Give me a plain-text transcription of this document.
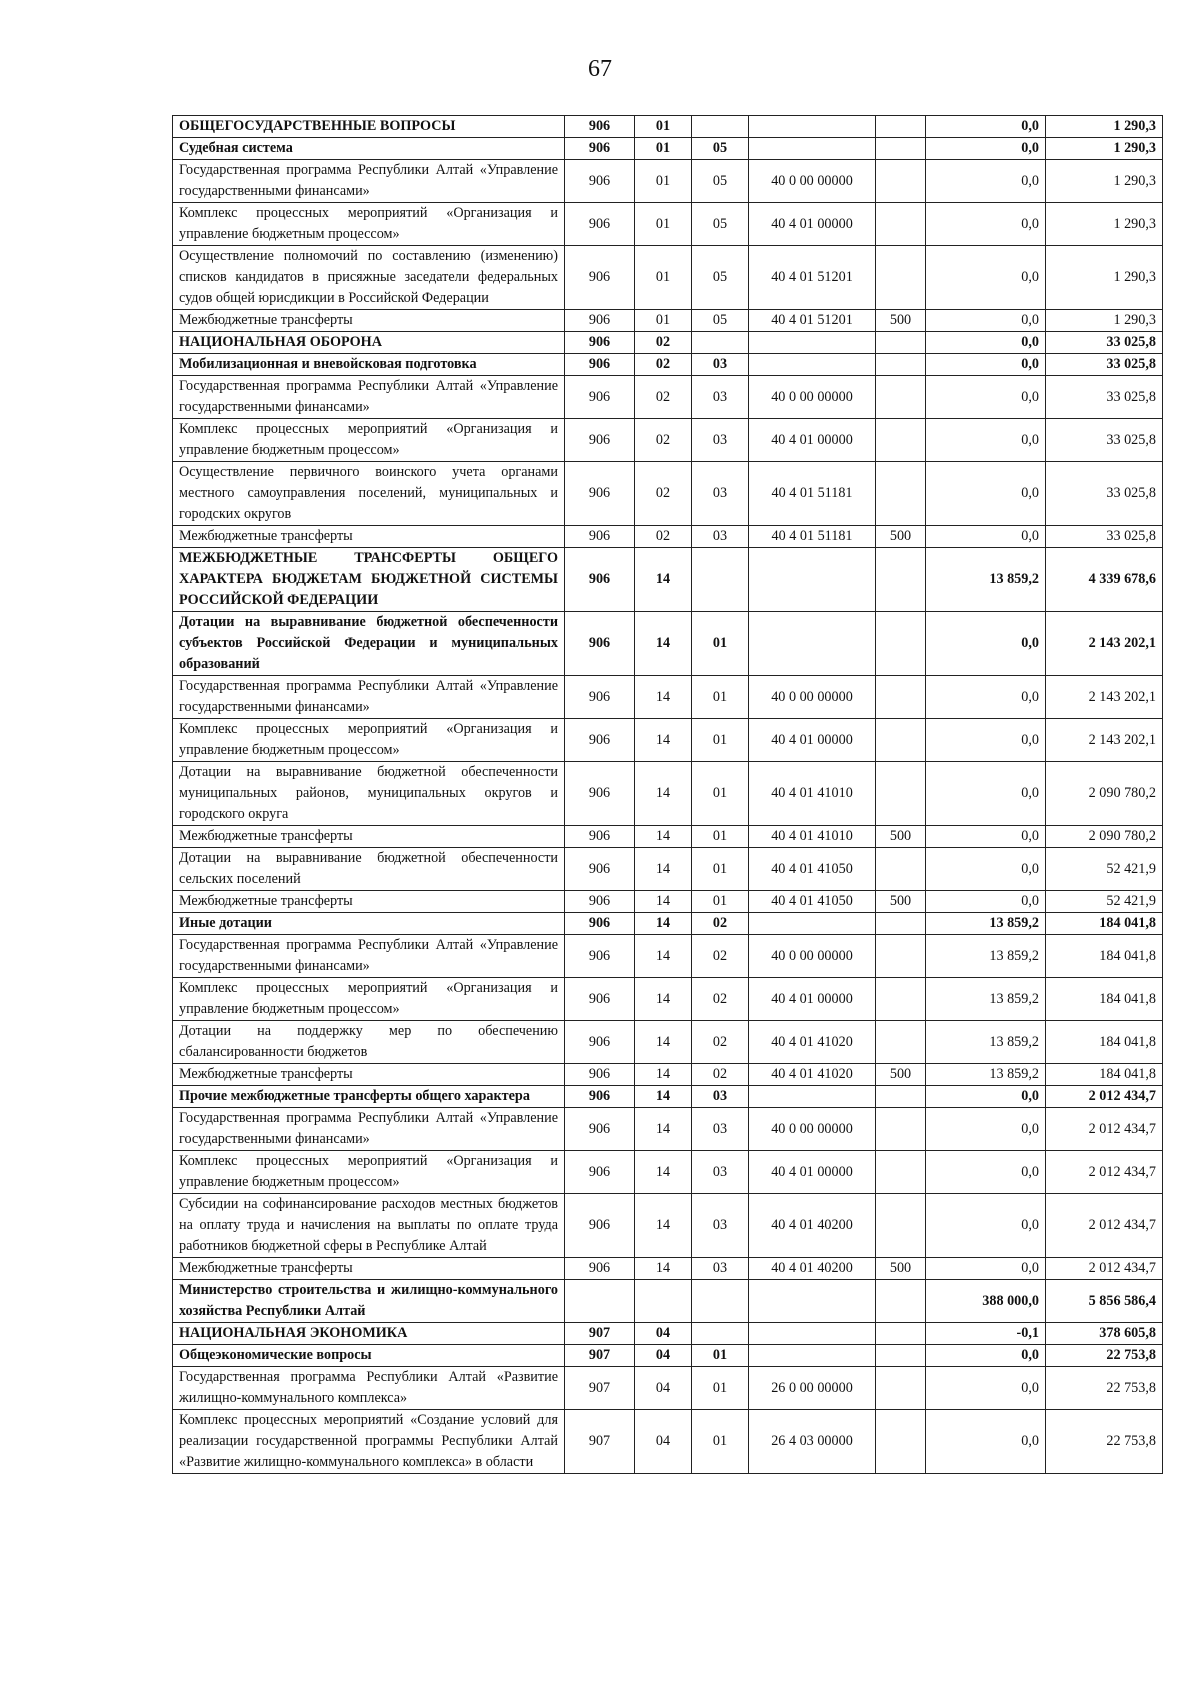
67
ОБЩЕГОСУДАРСТВЕННЫЕ ВОПРОСЫ	906	01				0,0	1 290,3
Судебная система	906	01	05			0,0	1 290,3
Государственная программа Республики Алтай «Управление государственными финансами»	906	01	05	40 0 00 00000		0,0	1 290,3
Комплекс процессных мероприятий «Организация и управление бюджетным процессом»	906	01	05	40 4 01 00000		0,0	1 290,3
Осуществление полномочий по составлению (изменению) списков кандидатов в присяжные заседатели федеральных судов общей юрисдикции в Российской Федерации	906	01	05	40 4 01 51201		0,0	1 290,3
Межбюджетные трансферты	906	01	05	40 4 01 51201	500	0,0	1 290,3
НАЦИОНАЛЬНАЯ ОБОРОНА	906	02				0,0	33 025,8
Мобилизационная и вневойсковая подготовка	906	02	03			0,0	33 025,8
Государственная программа Республики Алтай «Управление государственными финансами»	906	02	03	40 0 00 00000		0,0	33 025,8
Комплекс процессных мероприятий «Организация и управление бюджетным процессом»	906	02	03	40 4 01 00000		0,0	33 025,8
Осуществление первичного воинского учета органами местного самоуправления поселений, муниципальных и городских округов	906	02	03	40 4 01 51181		0,0	33 025,8
Межбюджетные трансферты	906	02	03	40 4 01 51181	500	0,0	33 025,8
МЕЖБЮДЖЕТНЫЕ ТРАНСФЕРТЫ ОБЩЕГО ХАРАКТЕРА БЮДЖЕТАМ БЮДЖЕТНОЙ СИСТЕМЫ РОССИЙСКОЙ ФЕДЕРАЦИИ	906	14				13 859,2	4 339 678,6
Дотации на выравнивание бюджетной обеспеченности субъектов Российской Федерации и муниципальных образований	906	14	01			0,0	2 143 202,1
Государственная программа Республики Алтай «Управление государственными финансами»	906	14	01	40 0 00 00000		0,0	2 143 202,1
Комплекс процессных мероприятий «Организация и управление бюджетным процессом»	906	14	01	40 4 01 00000		0,0	2 143 202,1
Дотации на выравнивание бюджетной обеспеченности муниципальных районов, муниципальных округов и городского округа	906	14	01	40 4 01 41010		0,0	2 090 780,2
Межбюджетные трансферты	906	14	01	40 4 01 41010	500	0,0	2 090 780,2
Дотации на выравнивание бюджетной обеспеченности сельских поселений	906	14	01	40 4 01 41050		0,0	52 421,9
Межбюджетные трансферты	906	14	01	40 4 01 41050	500	0,0	52 421,9
Иные дотации	906	14	02			13 859,2	184 041,8
Государственная программа Республики Алтай «Управление государственными финансами»	906	14	02	40 0 00 00000		13 859,2	184 041,8
Комплекс процессных мероприятий «Организация и управление бюджетным процессом»	906	14	02	40 4 01 00000		13 859,2	184 041,8
Дотации на поддержку мер по обеспечению сбалансированности бюджетов	906	14	02	40 4 01 41020		13 859,2	184 041,8
Межбюджетные трансферты	906	14	02	40 4 01 41020	500	13 859,2	184 041,8
Прочие межбюджетные трансферты общего характера	906	14	03			0,0	2 012 434,7
Государственная программа Республики Алтай «Управление государственными финансами»	906	14	03	40 0 00 00000		0,0	2 012 434,7
Комплекс процессных мероприятий «Организация и управление бюджетным процессом»	906	14	03	40 4 01 00000		0,0	2 012 434,7
Субсидии на софинансирование расходов местных бюджетов на оплату труда и начисления на выплаты по оплате труда работников бюджетной сферы в Республике Алтай	906	14	03	40 4 01 40200		0,0	2 012 434,7
Межбюджетные трансферты	906	14	03	40 4 01 40200	500	0,0	2 012 434,7
Министерство строительства и жилищно-коммунального хозяйства Республики Алтай						388 000,0	5 856 586,4
НАЦИОНАЛЬНАЯ ЭКОНОМИКА	907	04				-0,1	378 605,8
Общеэкономические вопросы	907	04	01			0,0	22 753,8
Государственная программа Республики Алтай «Развитие жилищно-коммунального комплекса»	907	04	01	26 0 00 00000		0,0	22 753,8
Комплекс процессных мероприятий «Создание условий для реализации государственной программы Республики Алтай «Развитие жилищно-коммунального комплекса» в области	907	04	01	26 4 03 00000		0,0	22 753,8
